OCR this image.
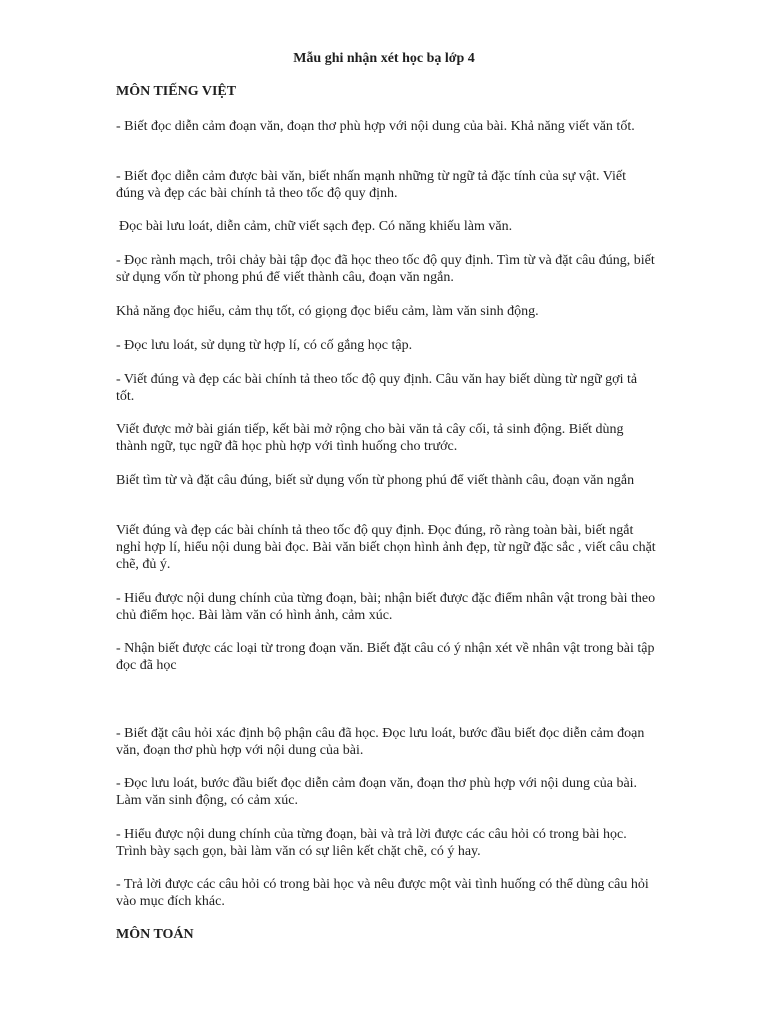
Mẫu ghi nhận xét học bạ lớp 4
MÔN TIẾNG VIỆT

- Biết đọc diễn cảm đoạn văn, đoạn thơ phù hợp với nội dung của bài. Khả năng viết văn tốt.

- Biết đọc diễn cảm được bài văn, biết nhấn mạnh những từ ngữ tả đặc tính của sự vật. Viết đúng và đẹp các bài chính tả theo tốc độ quy định.

Đọc bài lưu loát, diễn cảm, chữ viết sạch đẹp. Có năng khiếu làm văn.

- Đọc rành mạch, trôi chảy bài tập đọc đã học theo tốc độ quy định. Tìm từ và đặt câu đúng, biết sử dụng vốn từ phong phú để viết thành câu, đoạn văn ngắn.

Khả năng đọc hiểu, cảm thụ tốt, có giọng đọc biểu cảm, làm văn sinh động.

- Đọc lưu loát, sử dụng từ hợp lí, có cố gắng học tập.

- Viết đúng và đẹp các bài chính tả theo tốc độ quy định. Câu văn hay biết dùng từ ngữ gợi tả tốt.

Viết được mở bài gián tiếp, kết bài mở rộng cho bài văn tả cây cối, tả sinh động. Biết dùng thành ngữ, tục ngữ đã học phù hợp với tình huống cho trước.

Biết tìm từ và đặt câu đúng, biết sử dụng vốn từ phong phú để viết thành câu, đoạn văn ngắn

Viết đúng và đẹp các bài chính tả theo tốc độ quy định. Đọc đúng, rõ ràng toàn bài, biết ngắt nghỉ hợp lí, hiểu nội dung bài đọc. Bài văn biết chọn hình ảnh đẹp, từ ngữ đặc sắc , viết câu chặt chẽ, đủ ý.

- Hiểu được nội dung chính của từng đoạn, bài; nhận biết được đặc điểm nhân vật trong bài theo chủ điểm học. Bài làm văn có hình ảnh, cảm xúc.

- Nhận biết được các loại từ trong đoạn văn. Biết đặt câu có ý nhận xét về nhân vật trong bài tập đọc đã học

- Biết đặt câu hỏi xác định bộ phận câu đã học. Đọc lưu loát, bước đầu biết đọc diễn cảm đoạn văn, đoạn thơ phù hợp với nội dung của bài.

- Đọc lưu loát, bước đầu biết đọc diễn cảm đoạn văn, đoạn thơ phù hợp với nội dung của bài. Làm văn sinh động, có cảm xúc.

- Hiểu được nội dung chính của từng đoạn, bài và trả lời được các câu hỏi có trong bài học. Trình bày sạch gọn, bài làm văn có sự liên kết chặt chẽ, có ý hay.

- Trả lời được các câu hỏi có trong bài học và nêu được một vài tình huống có thể dùng câu hỏi vào mục đích khác.

MÔN TOÁN
